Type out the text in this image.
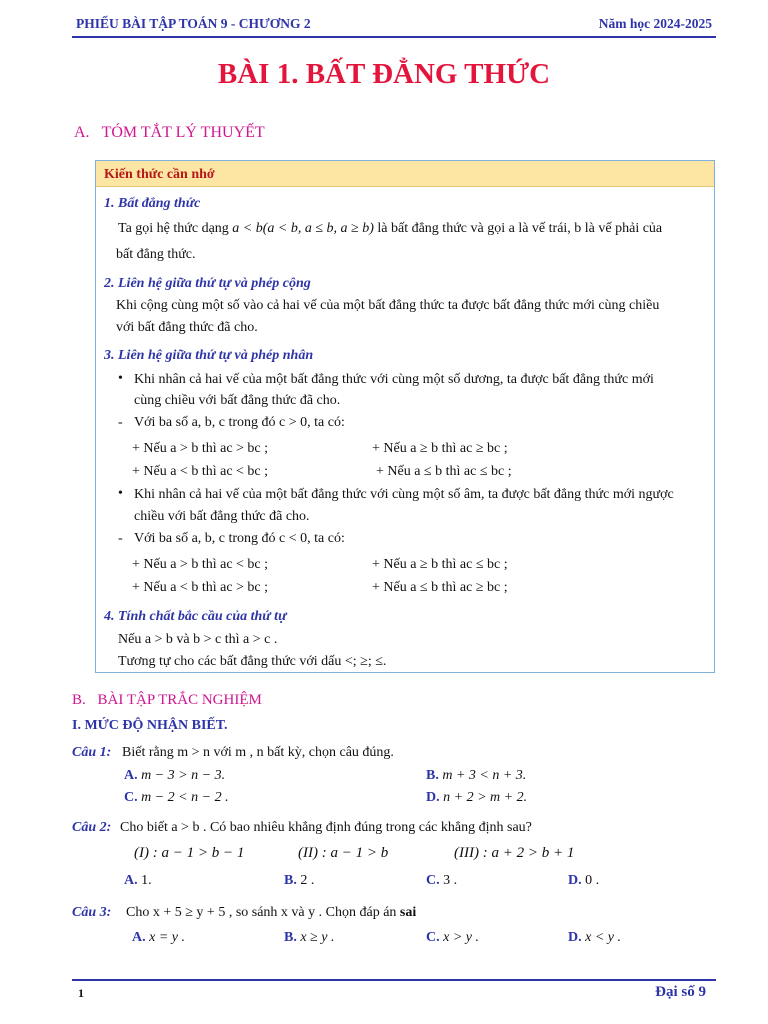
PHIẾU BÀI TẬP TOÁN 9 - CHƯƠNG 2	Năm học 2024-2025
BÀI 1. BẤT ĐẲNG THỨC
A. TÓM TẮT LÝ THUYẾT
Kiến thức cần nhớ
1. Bất đẳng thức
Ta gọi hệ thức dạng a < b(a < b, a ≤ b, a ≥ b) là bất đẳng thức và gọi a là vế trái, b là vế phải của
bất đẳng thức.
2. Liên hệ giữa thứ tự và phép cộng
Khi cộng cùng một số vào cả hai vế của một bất đẳng thức ta được bất đẳng thức mới cùng chiều
với bất đẳng thức đã cho.
3. Liên hệ giữa thứ tự và phép nhân
• Khi nhân cả hai vế của một bất đẳng thức với cùng một số dương, ta được bất đẳng thức mới
cùng chiều với bất đẳng thức đã cho.
- Với ba số a, b, c trong đó c > 0, ta có:
+ Nếu a > b thì ac > bc ;	+ Nếu a ≥ b thì ac ≥ bc ;
+ Nếu a < b thì ac < bc ;	+ Nếu a ≤ b thì ac ≤ bc ;
• Khi nhân cả hai vế của một bất đẳng thức với cùng một số âm, ta được bất đẳng thức mới ngược
chiều với bất đẳng thức đã cho.
- Với ba số a, b, c trong đó c < 0, ta có:
+ Nếu a > b thì ac < bc ;	+ Nếu a ≥ b thì ac ≤ bc ;
+ Nếu a < b thì ac > bc ;	+ Nếu a ≤ b thì ac ≥ bc ;
4. Tính chất bắc cầu của thứ tự
Nếu a > b và b > c thì a > c .
Tương tự cho các bất đẳng thức với dấu <; ≥; ≤.
B. BÀI TẬP TRẮC NGHIỆM
I. MỨC ĐỘ NHẬN BIẾT.
Câu 1: Biết rằng m > n với m , n bất kỳ, chọn câu đúng.
A. m − 3 > n − 3.	B. m + 3 < n + 3.
C. m − 2 < n − 2 .	D. n + 2 > m + 2.
Câu 2: Cho biết a > b . Có bao nhiêu khẳng định đúng trong các khẳng định sau?
(I) : a − 1 > b − 1	(II) : a − 1 > b	(III) : a + 2 > b + 1
A. 1.	B. 2 .	C. 3 .	D. 0 .
Câu 3: Cho x + 5 ≥ y + 5 , so sánh x và y . Chọn đáp án sai
A. x = y .	B. x ≥ y .	C. x > y .	D. x < y .
1	Đại số 9
